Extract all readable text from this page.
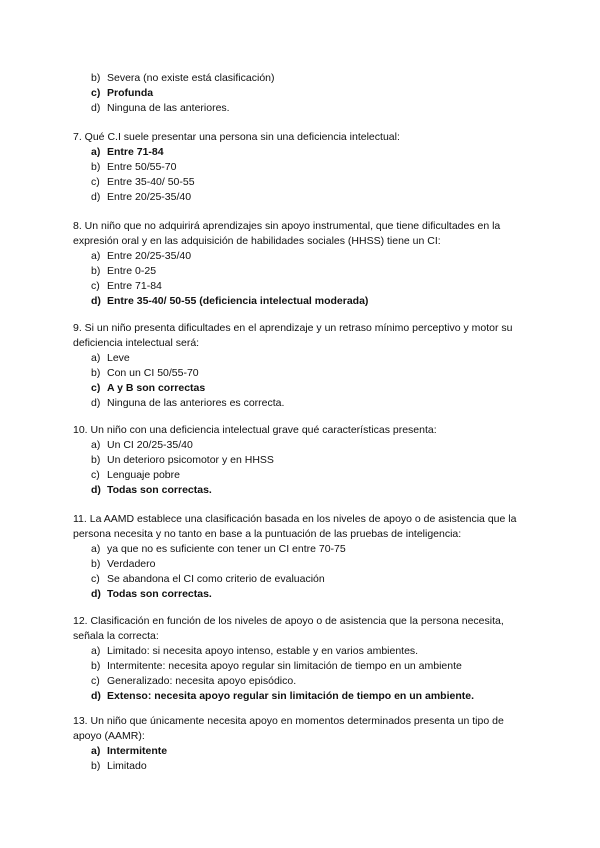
b) Severa (no existe está clasificación)
c) Profunda
d) Ninguna de las anteriores.

7. Qué C.I suele presentar una persona sin una deficiencia intelectual:

a) Entre 71-84
b) Entre 50/55-70
c) Entre 35-40/ 50-55
d) Entre 20/25-35/40

8. Un niño que no adquirirá aprendizajes sin apoyo instrumental, que tiene dificultades en la expresión oral y en las adquisición de habilidades sociales (HHSS) tiene un CI:

a) Entre 20/25-35/40
b) Entre 0-25
c) Entre 71-84
d) Entre 35-40/ 50-55 (deficiencia intelectual moderada)

9. Si un niño presenta dificultades en el aprendizaje y un retraso mínimo perceptivo y motor su deficiencia intelectual será:

a) Leve
b) Con un CI 50/55-70
c) A y B son correctas
d) Ninguna de las anteriores es correcta.

10. Un niño con una deficiencia intelectual grave qué características presenta:

a) Un CI 20/25-35/40
b) Un deterioro psicomotor y en HHSS
c) Lenguaje pobre
d) Todas son correctas.

11. La AAMD establece una clasificación basada en los niveles de apoyo o de asistencia que la persona necesita y no tanto en base a la puntuación de las pruebas de inteligencia:

a) ya que no es suficiente con tener un CI entre 70-75
b) Verdadero
c) Se abandona el CI como criterio de evaluación
d) Todas son correctas.

12. Clasificación en función de los niveles de apoyo o de asistencia que la persona necesita, señala la correcta:

a) Limitado: si necesita apoyo intenso, estable y en varios ambientes.
b) Intermitente: necesita apoyo regular sin limitación de tiempo en un ambiente
c) Generalizado: necesita apoyo episódico.
d) Extenso: necesita apoyo regular sin limitación de tiempo en un ambiente.

13. Un niño que únicamente necesita apoyo en momentos determinados presenta un tipo de apoyo (AAMR):

a) Intermitente
b) Limitado
